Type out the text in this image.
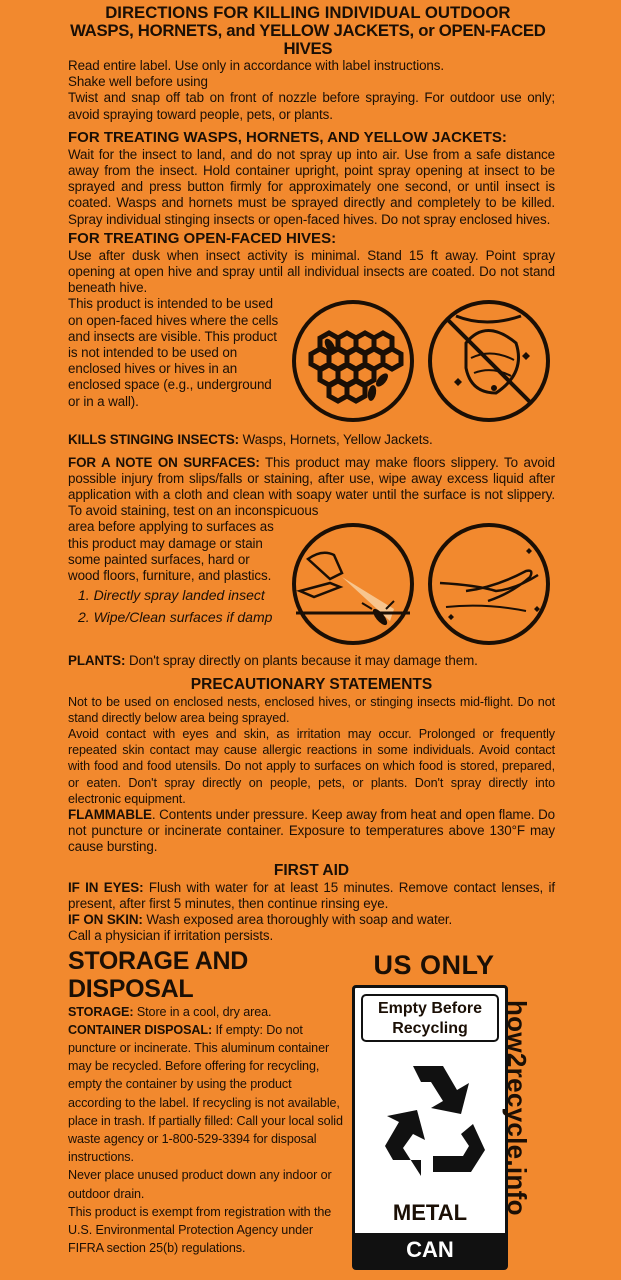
DIRECTIONS FOR KILLING INDIVIDUAL OUTDOOR
WASPS, HORNETS, and YELLOW JACKETS, or OPEN-FACED HIVES
Read entire label. Use only in accordance with label instructions.
Shake well before using
Twist and snap off tab on front of nozzle before spraying. For outdoor use only; avoid spraying toward people, pets, or plants.
FOR TREATING WASPS, HORNETS, AND YELLOW JACKETS:
Wait for the insect to land, and do not spray up into air. Use from a safe distance away from the insect. Hold container upright, point spray opening at insect to be sprayed and press button firmly for approximately one second, or until insect is coated. Wasps and hornets must be sprayed directly and completely to be killed. Spray individual stinging insects or open-faced hives. Do not spray enclosed hives.
FOR TREATING OPEN-FACED HIVES:
Use after dusk when insect activity is minimal. Stand 15 ft away. Point spray opening at open hive and spray until all individual insects are coated. Do not stand beneath hive.
This product is intended to be used on open-faced hives where the cells and insects are visible. This product is not intended to be used on enclosed hives or hives in an enclosed space (e.g., underground or in a wall).
KILLS STINGING INSECTS: Wasps, Hornets, Yellow Jackets.
FOR A NOTE ON SURFACES: This product may make floors slippery. To avoid possible injury from slips/falls or staining, after use, wipe away excess liquid after application with a cloth and clean with soapy water until the surface is not slippery. To avoid staining, test on an inconspicuous
area before applying to surfaces as this product may damage or stain some painted surfaces, hard or wood floors, furniture, and plastics.
1. Directly spray landed insect
2. Wipe/Clean surfaces if damp
PLANTS: Don't spray directly on plants because it may damage them.
PRECAUTIONARY STATEMENTS
Not to be used on enclosed nests, enclosed hives, or stinging insects mid-flight. Do not stand directly below area being sprayed.
Avoid contact with eyes and skin, as irritation may occur. Prolonged or frequently repeated skin contact may cause allergic reactions in some individuals. Avoid contact with food and food utensils. Do not apply to surfaces on which food is stored, prepared, or eaten. Don't spray directly on people, pets, or plants. Don't spray directly into electronic equipment.
FLAMMABLE. Contents under pressure. Keep away from heat and open flame. Do not puncture or incinerate container. Exposure to temperatures above 130°F may cause bursting.
FIRST AID
IF IN EYES: Flush with water for at least 15 minutes. Remove contact lenses, if present, after first 5 minutes, then continue rinsing eye.
IF ON SKIN: Wash exposed area thoroughly with soap and water.
Call a physician if irritation persists.
STORAGE AND DISPOSAL
STORAGE: Store in a cool, dry area.
CONTAINER DISPOSAL: If empty: Do not puncture or incinerate. This aluminum container may be recycled. Before offering for recycling, empty the container by using the product according to the label. If recycling is not available, place in trash. If partially filled: Call your local solid waste agency or 1-800-529-3394 for disposal instructions.
Never place unused product down any indoor or outdoor drain.
This product is exempt from registration with the U.S. Environmental Protection Agency under FIFRA section 25(b) regulations.
US ONLY
Empty Before Recycling
METAL
CAN
how2recycle.info
